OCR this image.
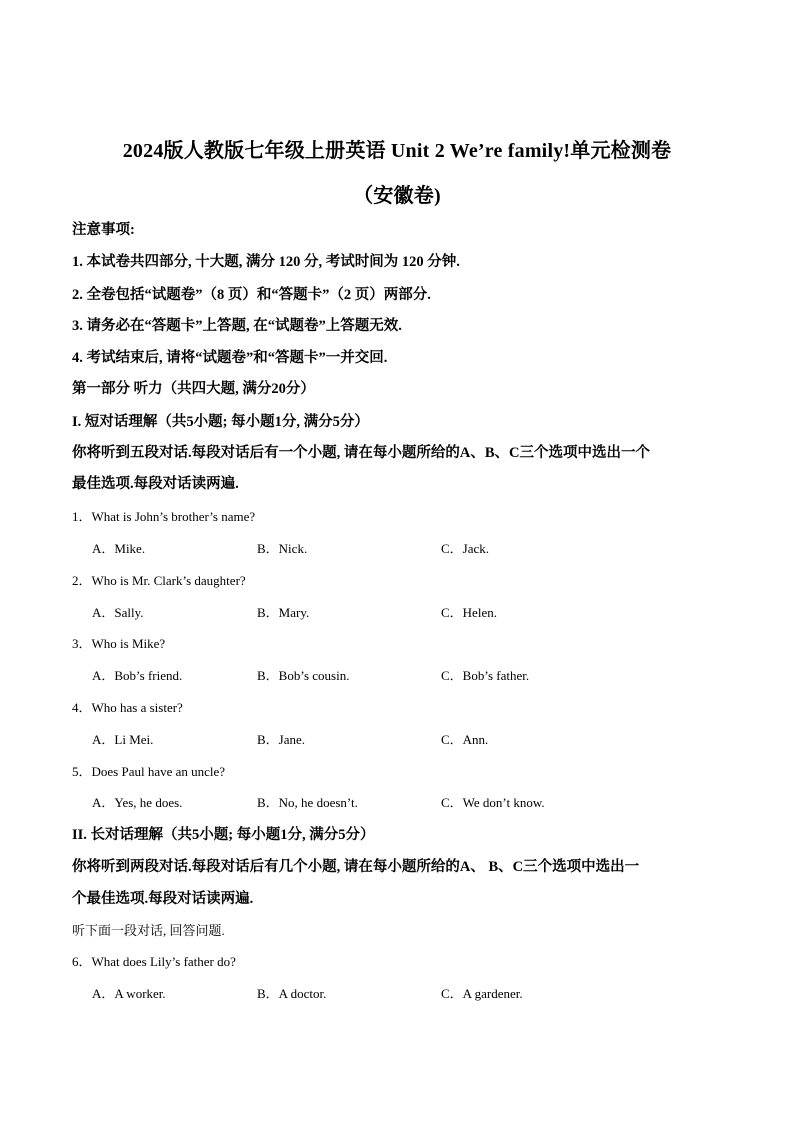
2024版人教版七年级上册英语 Unit 2 We’re family!单元检测卷
（安徽卷)
注意事项:
1. 本试卷共四部分, 十大题, 满分 120 分, 考试时间为 120 分钟.
2. 全卷包括“试题卷”（8 页）和“答题卡”（2 页）两部分.
3. 请务必在“答题卡”上答题, 在“试题卷”上答题无效.
4. 考试结束后, 请将“试题卷”和“答题卡”一并交回.
第一部分 听力（共四大题, 满分20分）
I. 短对话理解（共5小题; 每小题1分, 满分5分）
你将听到五段对话.每段对话后有一个小题, 请在每小题所给的A、B、C三个选项中选出一个
最佳选项.每段对话读两遍.
1．What is John’s brother’s name?
A．Mike.	B．Nick.	C．Jack.
2．Who is Mr. Clark’s daughter?
A．Sally.	B．Mary.	C．Helen.
3．Who is Mike?
A．Bob’s friend.	B．Bob’s cousin.	C．Bob’s father.
4．Who has a sister?
A．Li Mei.	B．Jane.	C．Ann.
5．Does Paul have an uncle?
A．Yes, he does.	B．No, he doesn’t.	C．We don’t know.
II. 长对话理解（共5小题; 每小题1分, 满分5分）
你将听到两段对话.每段对话后有几个小题, 请在每小题所给的A、 B、C三个选项中选出一
个最佳选项.每段对话读两遍.
听下面一段对话, 回答问题.
6．What does Lily’s father do?
A．A worker.	B．A doctor.	C．A gardener.
